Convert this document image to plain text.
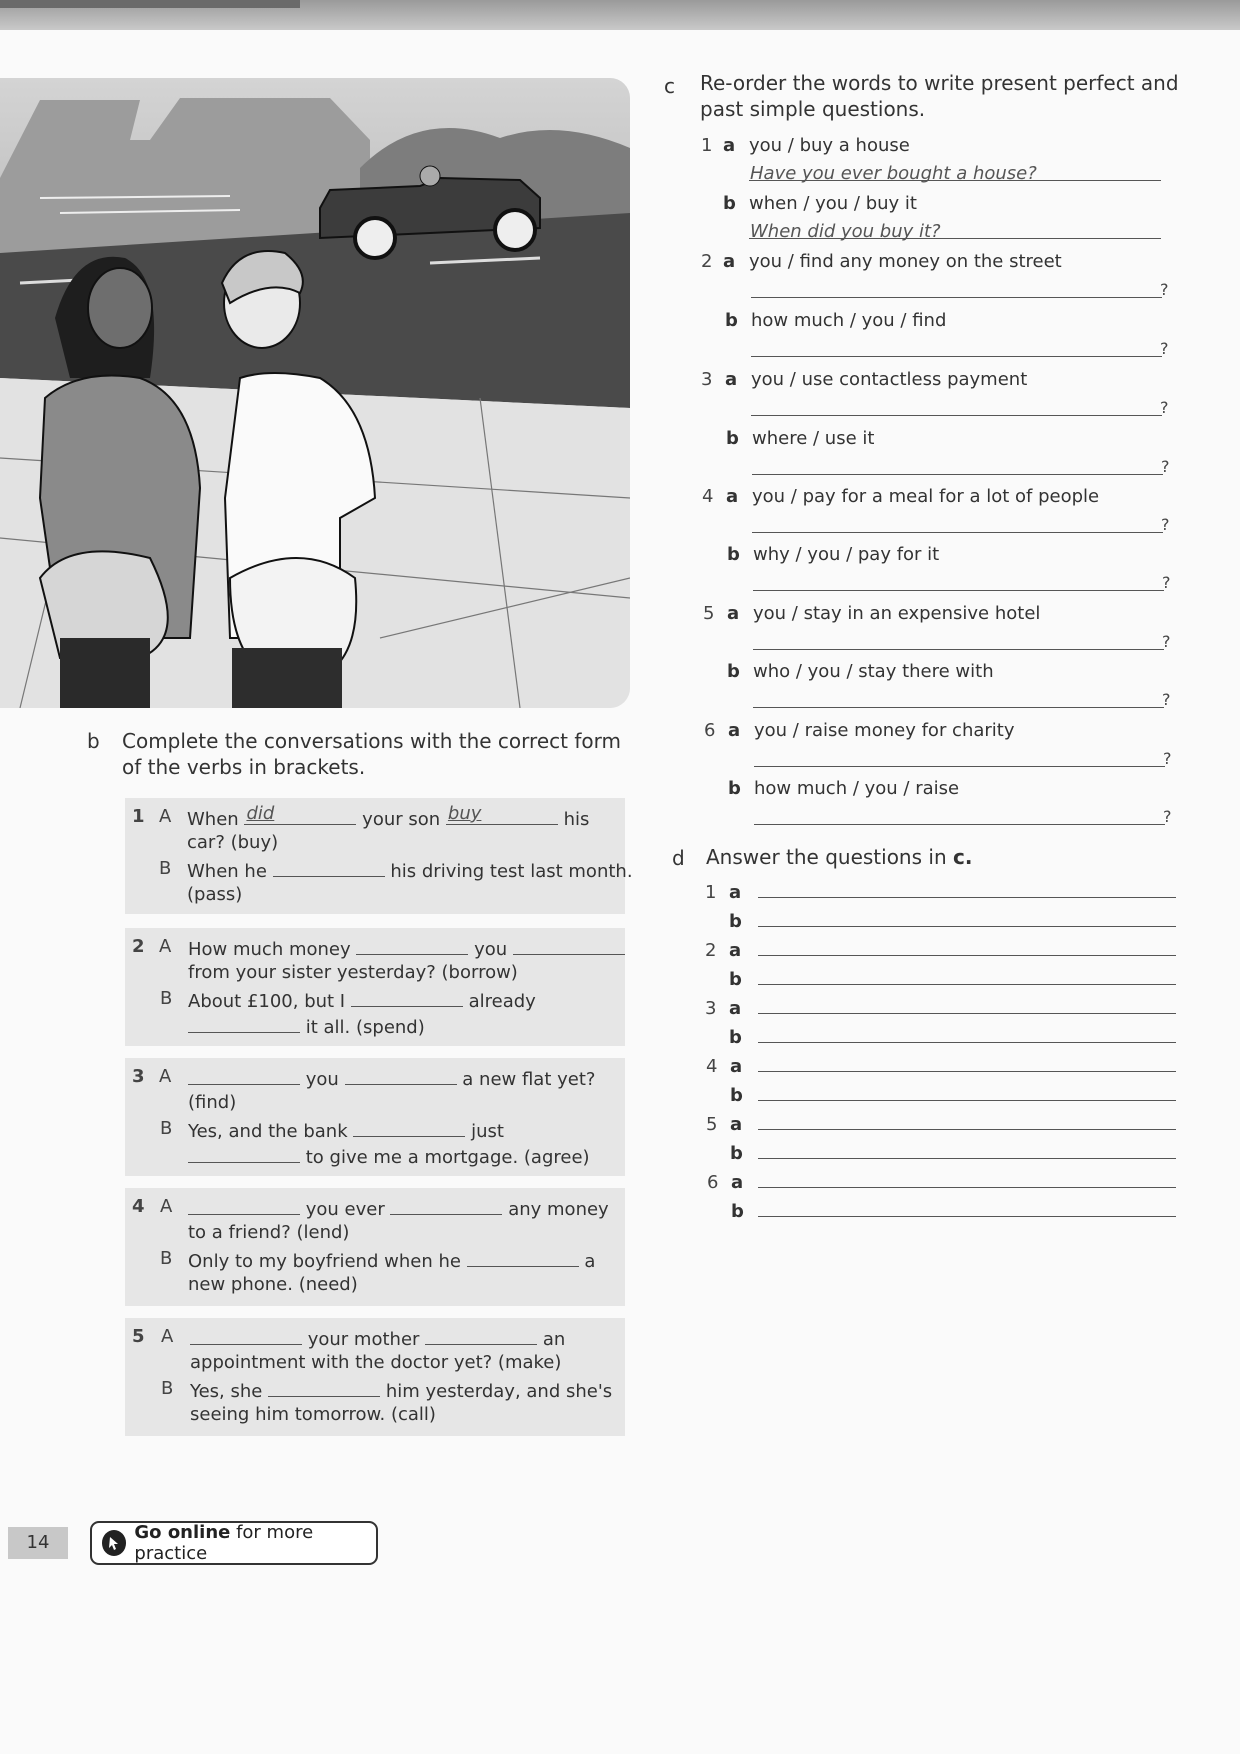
b Complete the conversations with the correct form
of the verbs in brackets.
1 A When did	your son buy	his
car? (buy)
B When he	his driving test last month.
(pass)
2 A How much money	you
from your sister yesterday? (borrow)
B About £100, but I	already
it all. (spend)
3 A	you	a new flat yet?
(find)
B Yes, and the bank	just
to give me a mortgage. (agree)
4 A	you ever	any money
to a friend? (lend)
B Only to my boyfriend when he	a
new phone. (need)
5 A	your mother	an
appointment with the doctor yet? (make)
B Yes, she	him yesterday, and she's
seeing him tomorrow. (call)
c Re-order the words to write present perfect and
past simple questions.
1 a you / buy a house
Have you ever bought a house?
b when / you / buy it
When did you buy it?
2 a you / find any money on the street
?
b how much / you / find
?
3 a you / use contactless payment
?
b where / use it
?
4 a you / pay for a meal for a lot of people
?
b why / you / pay for it
?
5 a you / stay in an expensive hotel
?
b who / you / stay there with
?
6 a you / raise money for charity
?
b how much / you / raise
?
d Answer the questions in c.
1 a
b
2 a
b
3 a
b
4 a
b
5 a
b
6 a
b
14	Go online for more practice
